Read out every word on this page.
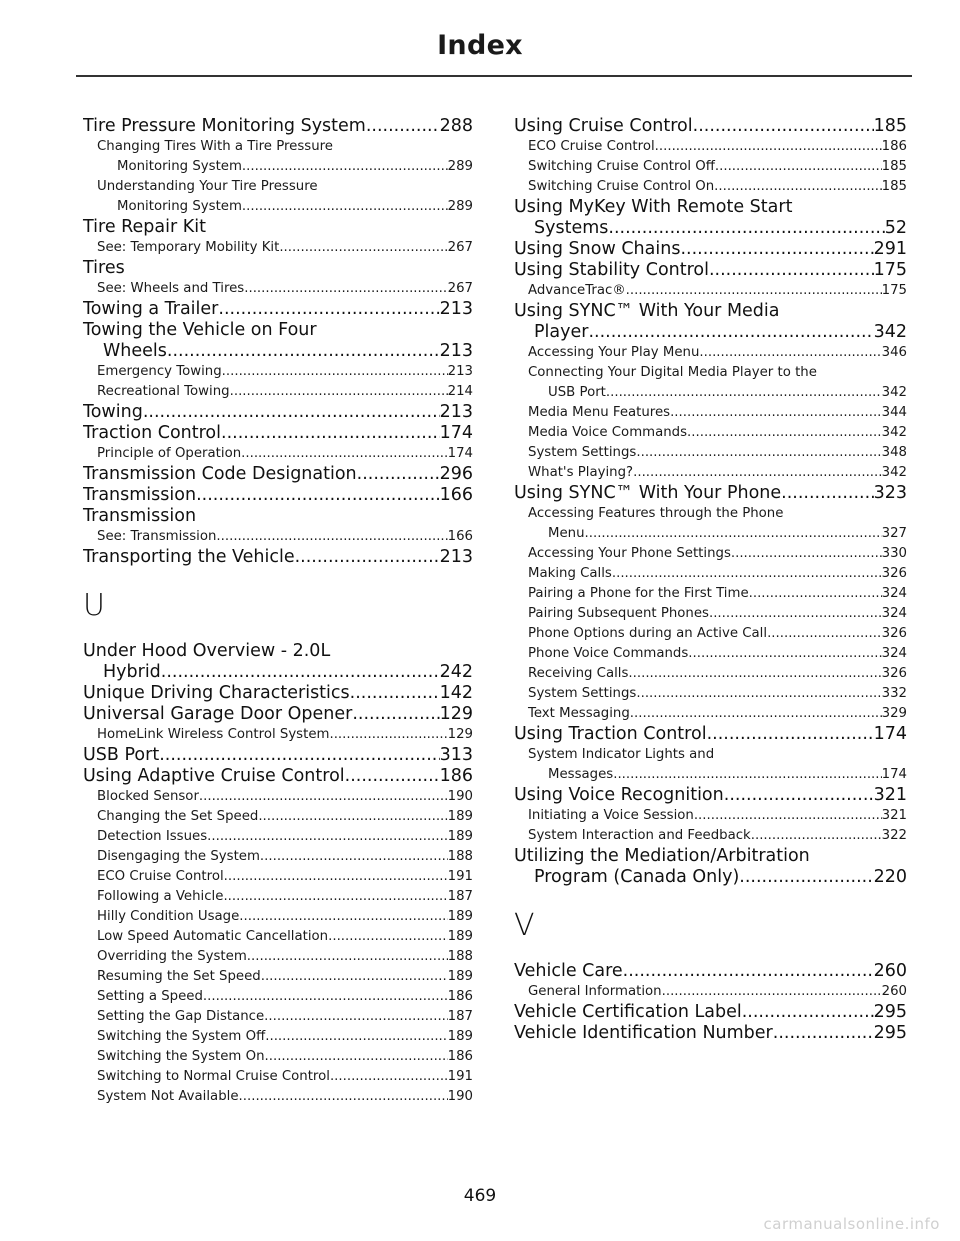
Index
Tire Pressure Monitoring System .....	288
Changing Tires With a Tire Pressure
Monitoring System .....	289
Understanding Your Tire Pressure
Monitoring System .....	289
Tire Repair Kit
See: Temporary Mobility Kit .....	267
Tires
See: Wheels and Tires .....	267
Towing a Trailer .....	213
Towing the Vehicle on Four
Wheels .....	213
Emergency Towing .....	213
Recreational Towing .....	214
Towing .....	213
Traction Control .....	174
Principle of Operation .....	174
Transmission Code Designation .....	296
Transmission .....	166
Transmission
See: Transmission .....	166
Transporting the Vehicle .....	213
U
Under Hood Overview - 2.0L
Hybrid .....	242
Unique Driving Characteristics .....	142
Universal Garage Door Opener .....	129
HomeLink Wireless Control System .....	129
USB Port .....	313
Using Adaptive Cruise Control .....	186
Blocked Sensor .....	190
Changing the Set Speed .....	189
Detection Issues .....	189
Disengaging the System .....	188
ECO Cruise Control .....	191
Following a Vehicle .....	187
Hilly Condition Usage .....	189
Low Speed Automatic Cancellation .....	189
Overriding the System .....	188
Resuming the Set Speed .....	189
Setting a Speed .....	186
Setting the Gap Distance .....	187
Switching the System Off .....	189
Switching the System On .....	186
Switching to Normal Cruise Control .....	191
System Not Available .....	190
Using Cruise Control .....	185
ECO Cruise Control .....	186
Switching Cruise Control Off .....	185
Switching Cruise Control On .....	185
Using MyKey With Remote Start
Systems .....	52
Using Snow Chains .....	291
Using Stability Control .....	175
AdvanceTrac® .....	175
Using SYNC™ With Your Media
Player .....	342
Accessing Your Play Menu .....	346
Connecting Your Digital Media Player to the
USB Port .....	342
Media Menu Features .....	344
Media Voice Commands .....	342
System Settings .....	348
What's Playing? .....	342
Using SYNC™ With Your Phone .....	323
Accessing Features through the Phone
Menu .....	327
Accessing Your Phone Settings .....	330
Making Calls .....	326
Pairing a Phone for the First Time .....	324
Pairing Subsequent Phones .....	324
Phone Options during an Active Call .....	326
Phone Voice Commands .....	324
Receiving Calls .....	326
System Settings .....	332
Text Messaging .....	329
Using Traction Control .....	174
System Indicator Lights and
Messages .....	174
Using Voice Recognition .....	321
Initiating a Voice Session .....	321
System Interaction and Feedback .....	322
Utilizing the Mediation/Arbitration
Program (Canada Only) .....	220
V
Vehicle Care .....	260
General Information .....	260
Vehicle Certification Label .....	295
Vehicle Identification Number .....	295
469
carmanualsonline.info
